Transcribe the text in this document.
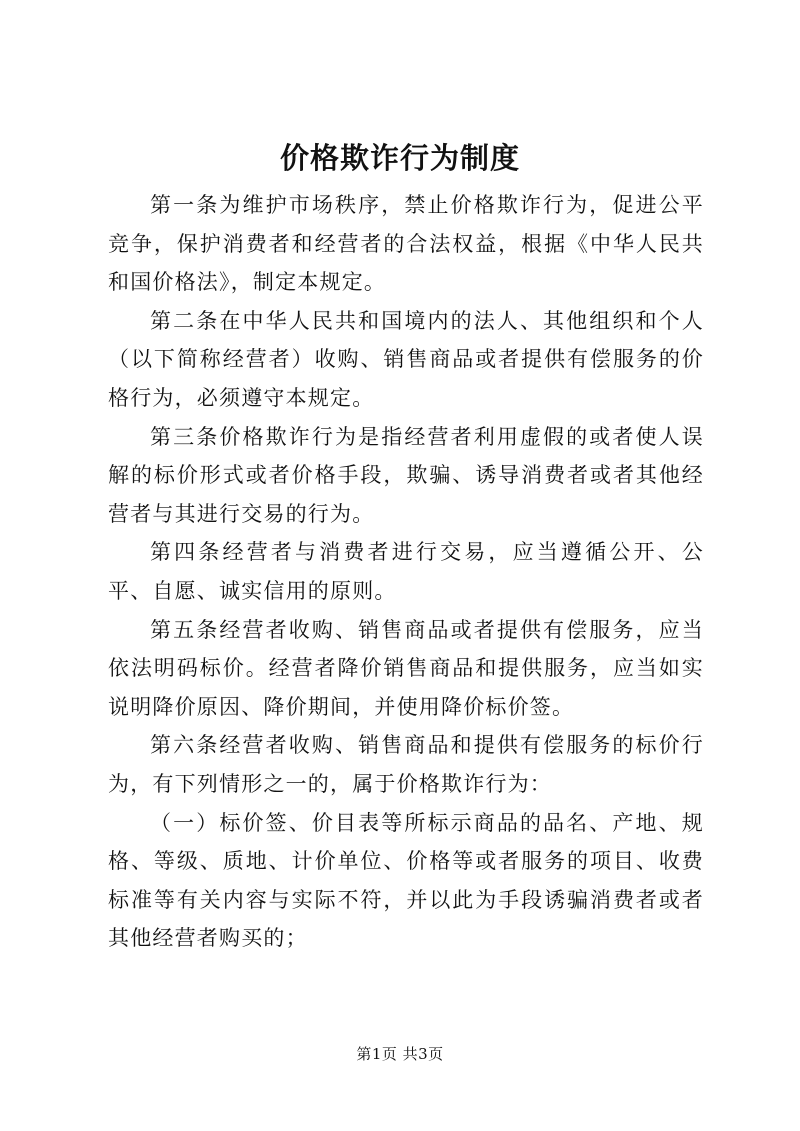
价格欺诈行为制度

第一条为维护市场秩序，禁止价格欺诈行为，促进公平竞争，保护消费者和经营者的合法权益，根据《中华人民共和国价格法》，制定本规定。

第二条在中华人民共和国境内的法人、其他组织和个人（以下简称经营者）收购、销售商品或者提供有偿服务的价格行为，必须遵守本规定。

第三条价格欺诈行为是指经营者利用虚假的或者使人误解的标价形式或者价格手段，欺骗、诱导消费者或者其他经营者与其进行交易的行为。

第四条经营者与消费者进行交易，应当遵循公开、公平、自愿、诚实信用的原则。

第五条经营者收购、销售商品或者提供有偿服务，应当依法明码标价。经营者降价销售商品和提供服务，应当如实说明降价原因、降价期间，并使用降价标价签。

第六条经营者收购、销售商品和提供有偿服务的标价行为，有下列情形之一的，属于价格欺诈行为：

（一）标价签、价目表等所标示商品的品名、产地、规格、等级、质地、计价单位、价格等或者服务的项目、收费标准等有关内容与实际不符，并以此为手段诱骗消费者或者其他经营者购买的；

第1页 共3页
